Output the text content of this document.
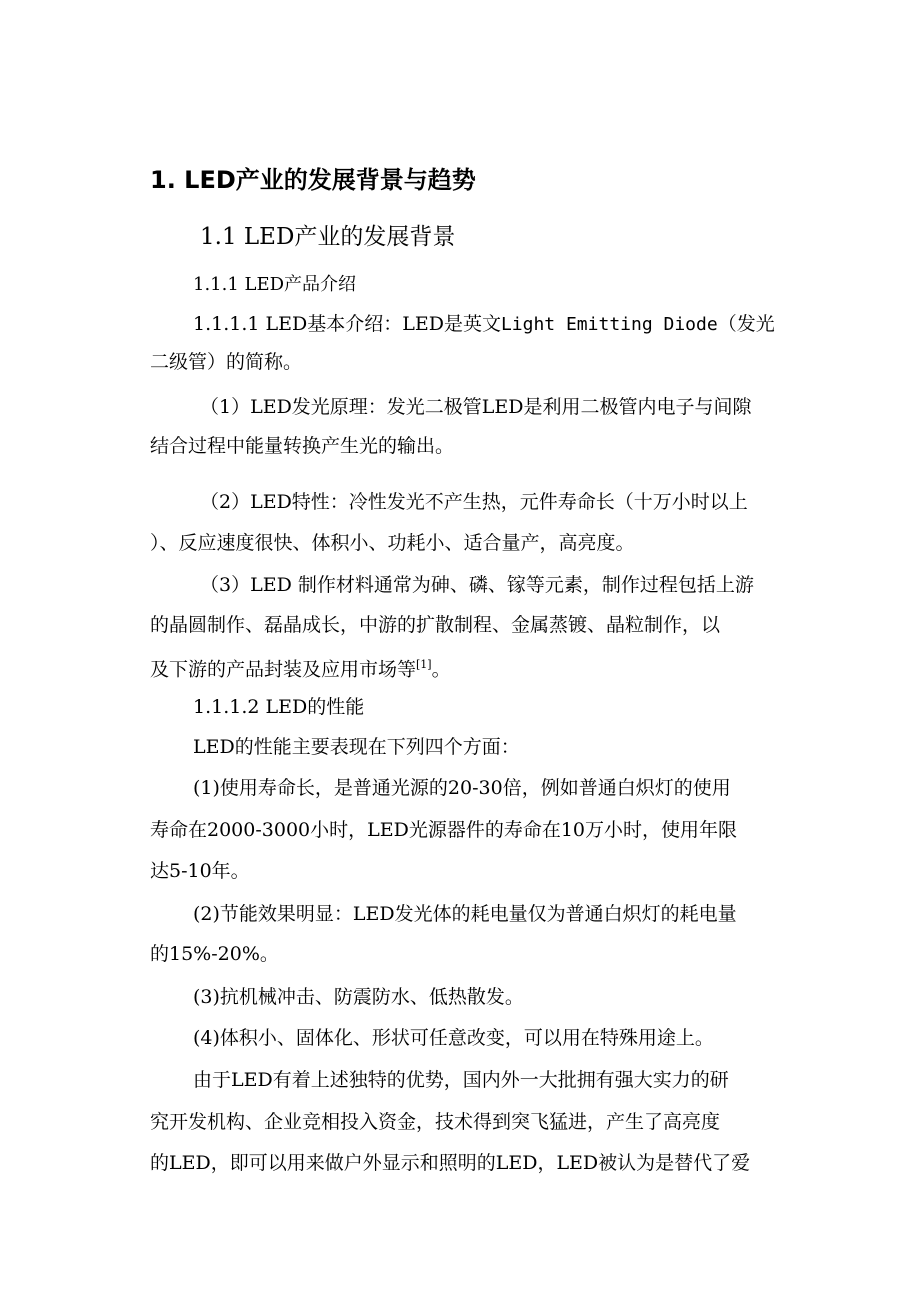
1. LED产业的发展背景与趋势
1.1 LED产业的发展背景
1.1.1 LED产品介绍
1.1.1.1 LED基本介绍：LED是英文Light Emitting Diode（发光
二级管）的简称。
（1）LED发光原理：发光二极管LED是利用二极管内电子与间隙
结合过程中能量转换产生光的输出。
（2）LED特性：冷性发光不产生热，元件寿命长（十万小时以上
）、反应速度很快、体积小、功耗小、适合量产，高亮度。
（3）LED 制作材料通常为砷、磷、镓等元素，制作过程包括上游
的晶圆制作、磊晶成长，中游的扩散制程、金属蒸镀、晶粒制作，以
及下游的产品封装及应用市场等[1]。
1.1.1.2 LED的性能
LED的性能主要表现在下列四个方面：
(1)使用寿命长，是普通光源的20-30倍，例如普通白炽灯的使用
寿命在2000-3000小时，LED光源器件的寿命在10万小时，使用年限
达5-10年。
(2)节能效果明显：LED发光体的耗电量仅为普通白炽灯的耗电量
的15%-20%。
(3)抗机械冲击、防震防水、低热散发。
(4)体积小、固体化、形状可任意改变，可以用在特殊用途上。
由于LED有着上述独特的优势，国内外一大批拥有强大实力的研
究开发机构、企业竞相投入资金，技术得到突飞猛进，产生了高亮度
的LED，即可以用来做户外显示和照明的LED，LED被认为是替代了爱
